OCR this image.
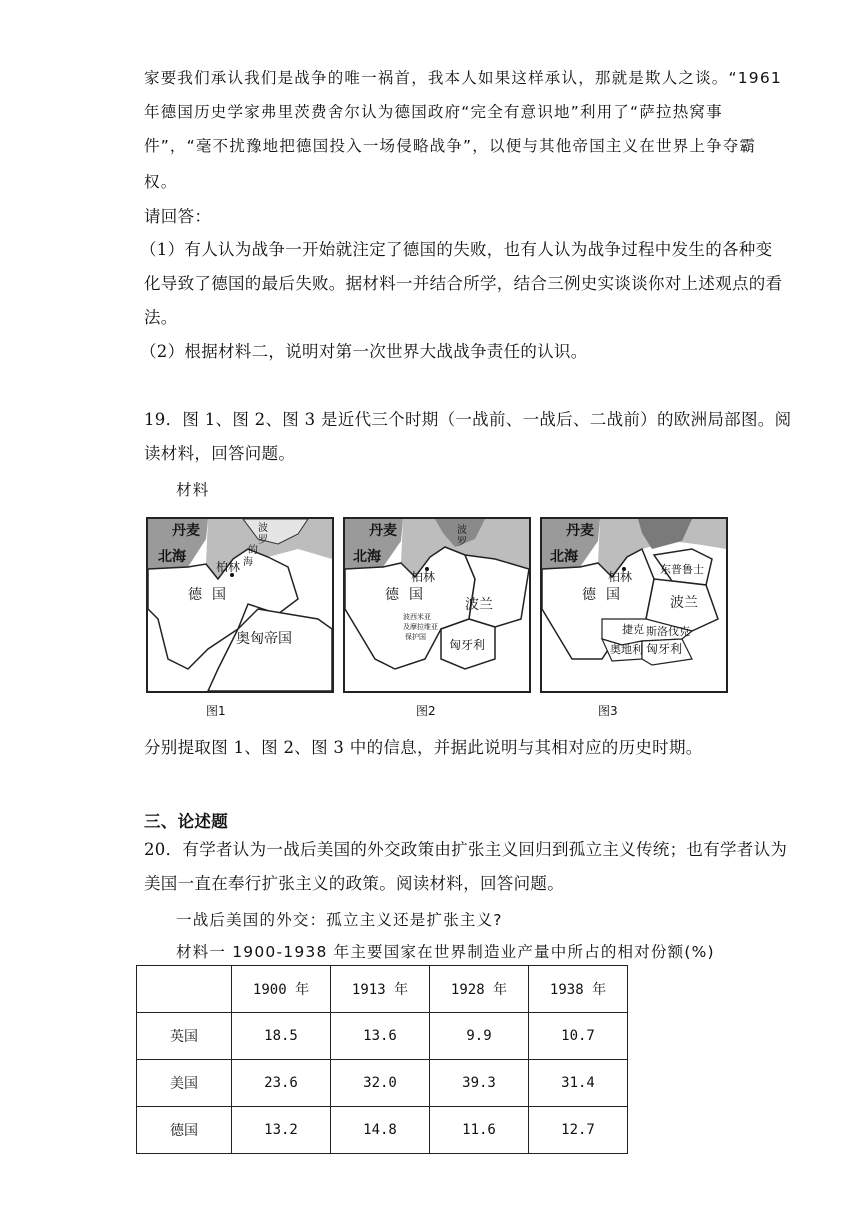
家要我们承认我们是战争的唯一祸首，我本人如果这样承认，那就是欺人之谈。“1961
年德国历史学家弗里茨费舍尔认为德国政府“完全有意识地”利用了“萨拉热窝事
件”，“毫不扰豫地把德国投入一场侵略战争”，以便与其他帝国主义在世界上争夺霸
权。
请回答：
（1）有人认为战争一开始就注定了德国的失败，也有人认为战争过程中发生的各种变
化导致了德国的最后失败。据材料一并结合所学，结合三例史实谈谈你对上述观点的看
法。
（2）根据材料二，说明对第一次世界大战战争责任的认识。
19．图 1、图 2、图 3 是近代三个时期（一战前、一战后、二战前）的欧洲局部图。阅
读材料，回答问题。
材料
北海
丹麦	波
罗
的
海
柏林
德 国
奥匈帝国
图1
北海
丹麦	波
罗
柏林
德 国
波兰
波西米亚
及摩拉维亚
保护国
匈牙利
图2
北海
丹麦
东普鲁士
柏林
德 国	波兰
捷克 斯洛伐克
奥地利 匈牙利
图3
分别提取图 1、图 2、图 3 中的信息，并据此说明与其相对应的历史时期。
三、论述题
20．有学者认为一战后美国的外交政策由扩张主义回归到孤立主义传统；也有学者认为
美国一直在奉行扩张主义的政策。阅读材料，回答问题。
一战后美国的外交：孤立主义还是扩张主义?
材料一 1900-1938 年主要国家在世界制造业产量中所占的相对份额(%)
	1900 年	1913 年	1928 年	1938 年
英国	18.5	13.6	9.9	10.7
美国	23.6	32.0	39.3	31.4
德国	13.2	14.8	11.6	12.7
